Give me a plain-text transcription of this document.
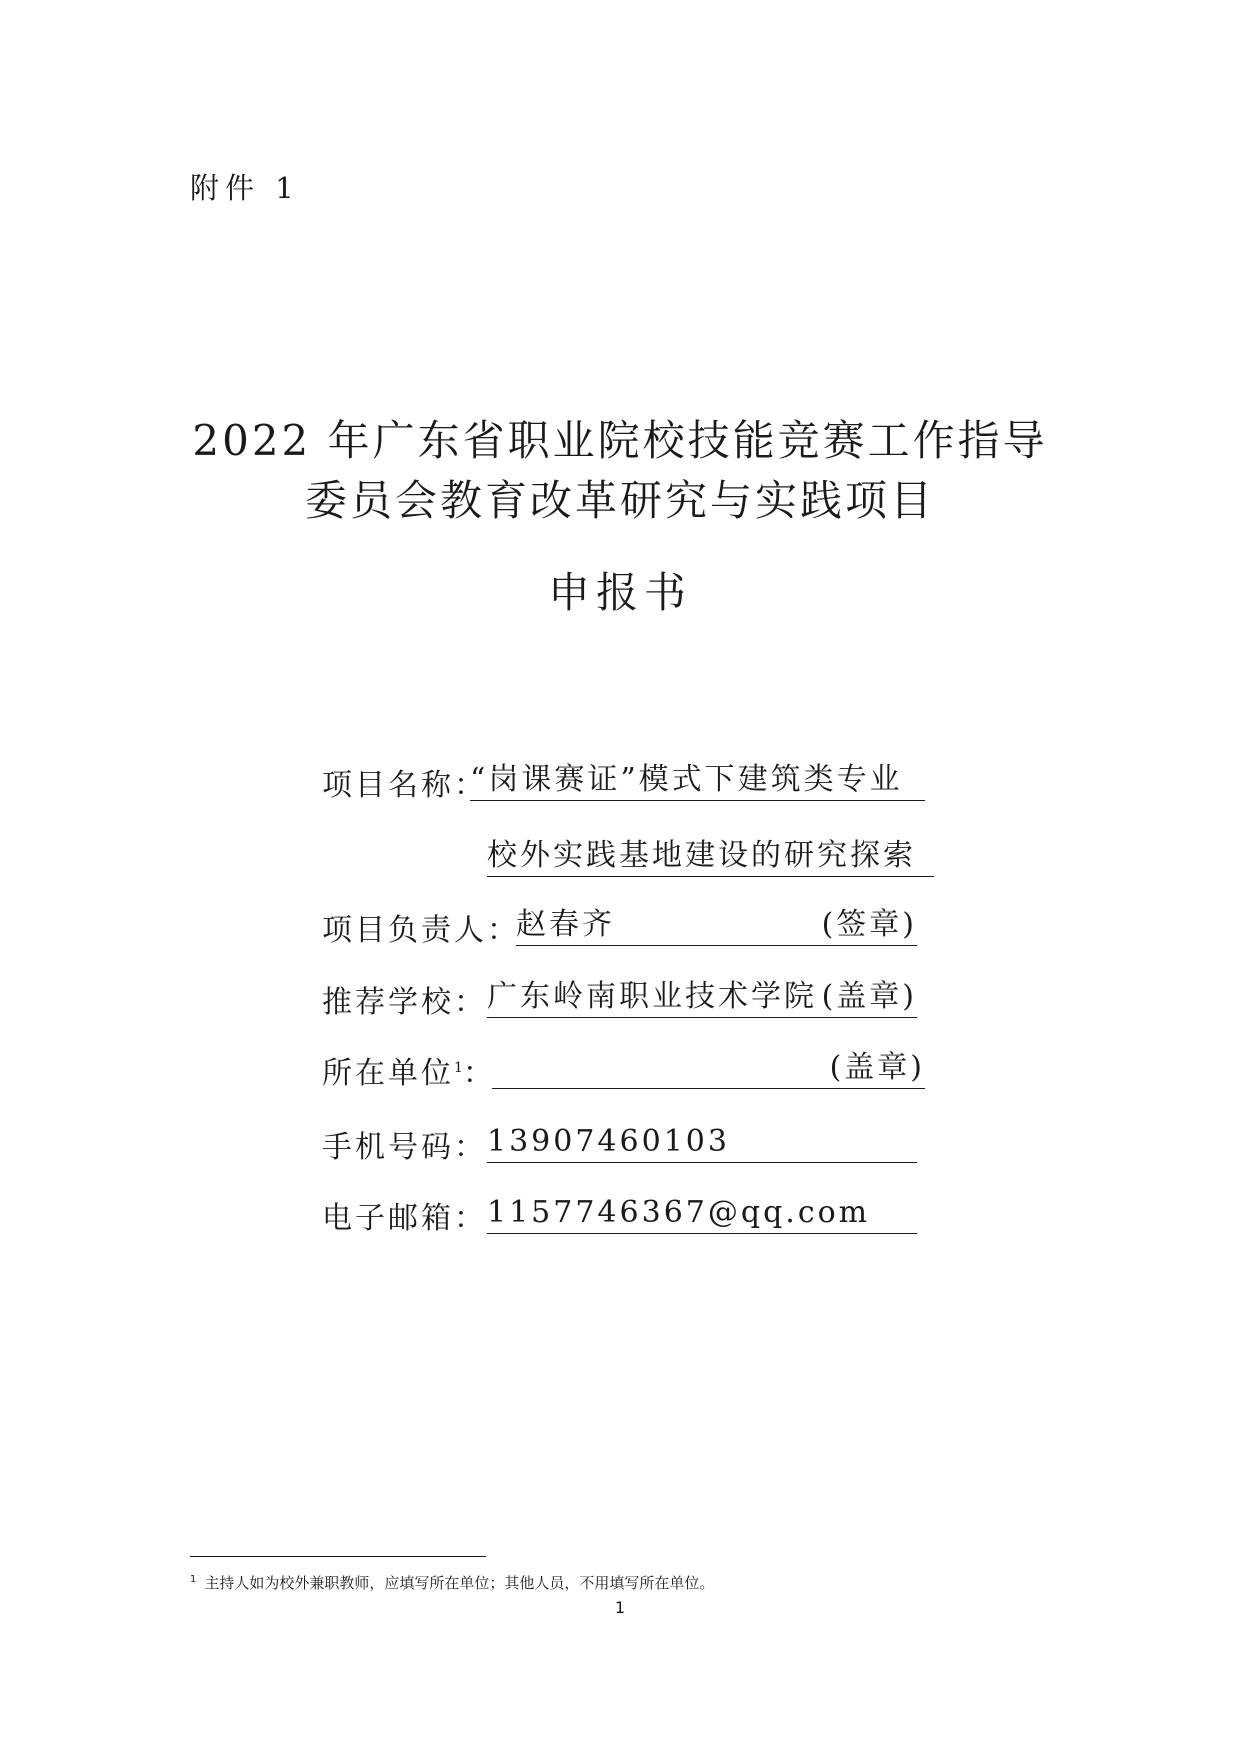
附件 1
2022 年广东省职业院校技能竞赛工作指导
委员会教育改革研究与实践项目
申报书
项目名称：
“岗课赛证”模式下建筑类专业
校外实践基地建设的研究探索
项目负责人：
赵春齐	(签章)
推荐学校： 广东岭南职业技术学院 (盖章)
所在单位$^1$：	(盖章)
手机号码： 13907460103
电子邮箱： 1157746367@qq.com
$^1$ 主持人如为校外兼职教师，应填写所在单位；其他人员，不用填写所在单位。
1
